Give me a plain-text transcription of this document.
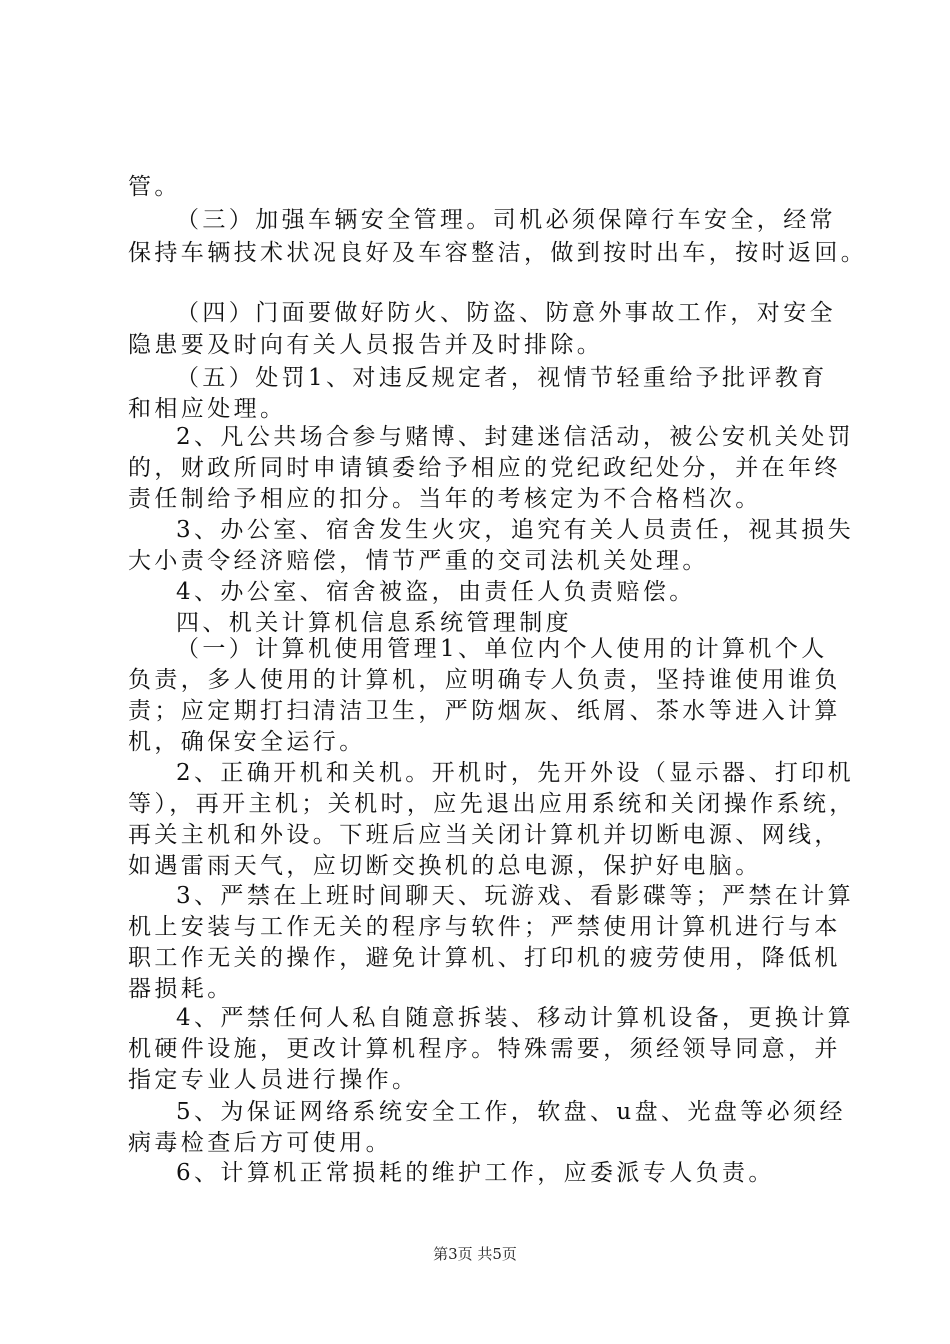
管。
（三）加强车辆安全管理。司机必须保障行车安全，经常
保持车辆技术状况良好及车容整洁，做到按时出车，按时返回。
（四）门面要做好防火、防盗、防意外事故工作，对安全
隐患要及时向有关人员报告并及时排除。
（五）处罚1、对违反规定者，视情节轻重给予批评教育
和相应处理。
2、凡公共场合参与赌博、封建迷信活动，被公安机关处罚
的，财政所同时申请镇委给予相应的党纪政纪处分，并在年终
责任制给予相应的扣分。当年的考核定为不合格档次。
3、办公室、宿舍发生火灾，追究有关人员责任，视其损失
大小责令经济赔偿，情节严重的交司法机关处理。
4、办公室、宿舍被盗，由责任人负责赔偿。
四、机关计算机信息系统管理制度
（一）计算机使用管理1、单位内个人使用的计算机个人
负责，多人使用的计算机，应明确专人负责，坚持谁使用谁负
责；应定期打扫清洁卫生，严防烟灰、纸屑、茶水等进入计算
机，确保安全运行。
2、正确开机和关机。开机时，先开外设（显示器、打印机
等），再开主机；关机时，应先退出应用系统和关闭操作系统，
再关主机和外设。下班后应当关闭计算机并切断电源、网线，
如遇雷雨天气，应切断交换机的总电源，保护好电脑。
3、严禁在上班时间聊天、玩游戏、看影碟等；严禁在计算
机上安装与工作无关的程序与软件；严禁使用计算机进行与本
职工作无关的操作，避免计算机、打印机的疲劳使用，降低机
器损耗。
4、严禁任何人私自随意拆装、移动计算机设备，更换计算
机硬件设施，更改计算机程序。特殊需要，须经领导同意，并
指定专业人员进行操作。
5、为保证网络系统安全工作，软盘、u盘、光盘等必须经
病毒检查后方可使用。
6、计算机正常损耗的维护工作，应委派专人负责。
第3页 共5页
